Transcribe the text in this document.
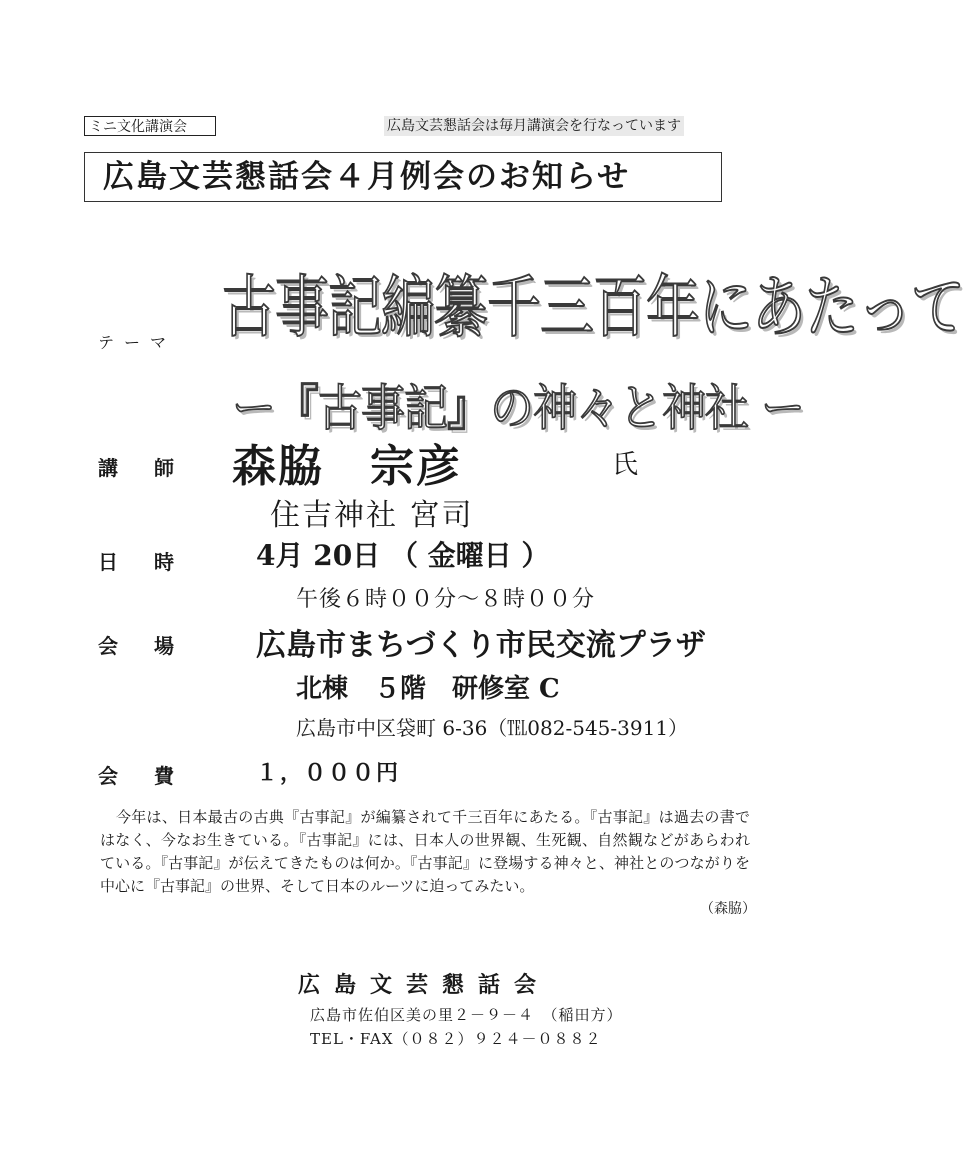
ミニ文化講演会	広島文芸懇話会は毎月講演会を行なっています
広島文芸懇話会４月例会のお知らせ
テーマ 古事記編纂千三百年にあたって
ー『古事記』の神々と神社 ー
講師 森脇　宗彦	氏
住吉神社 宮司
日時 4月 20日 （ 金曜日 ）
午後６時００分～８時００分
会場 広島市まちづくり市民交流プラザ
北棟　５階　研修室 C
広島市中区袋町 6-36（℡082-545-3911）
会費 １，０００円
今年は、日本最古の古典『古事記』が編纂されて千三百年にあたる。『古事記』は過去の書ではなく、今なお生きている。『古事記』には、日本人の世界観、生死観、自然観などがあらわれている。『古事記』が伝えてきたものは何か。『古事記』に登場する神々と、神社とのつながりを中心に『古事記』の世界、そして日本のルーツに迫ってみたい。
（森脇）
広島文芸懇話会
広島市佐伯区美の里２－９－４　（稲田方）
TEL・FAX（０８２）９２４－０８８２
